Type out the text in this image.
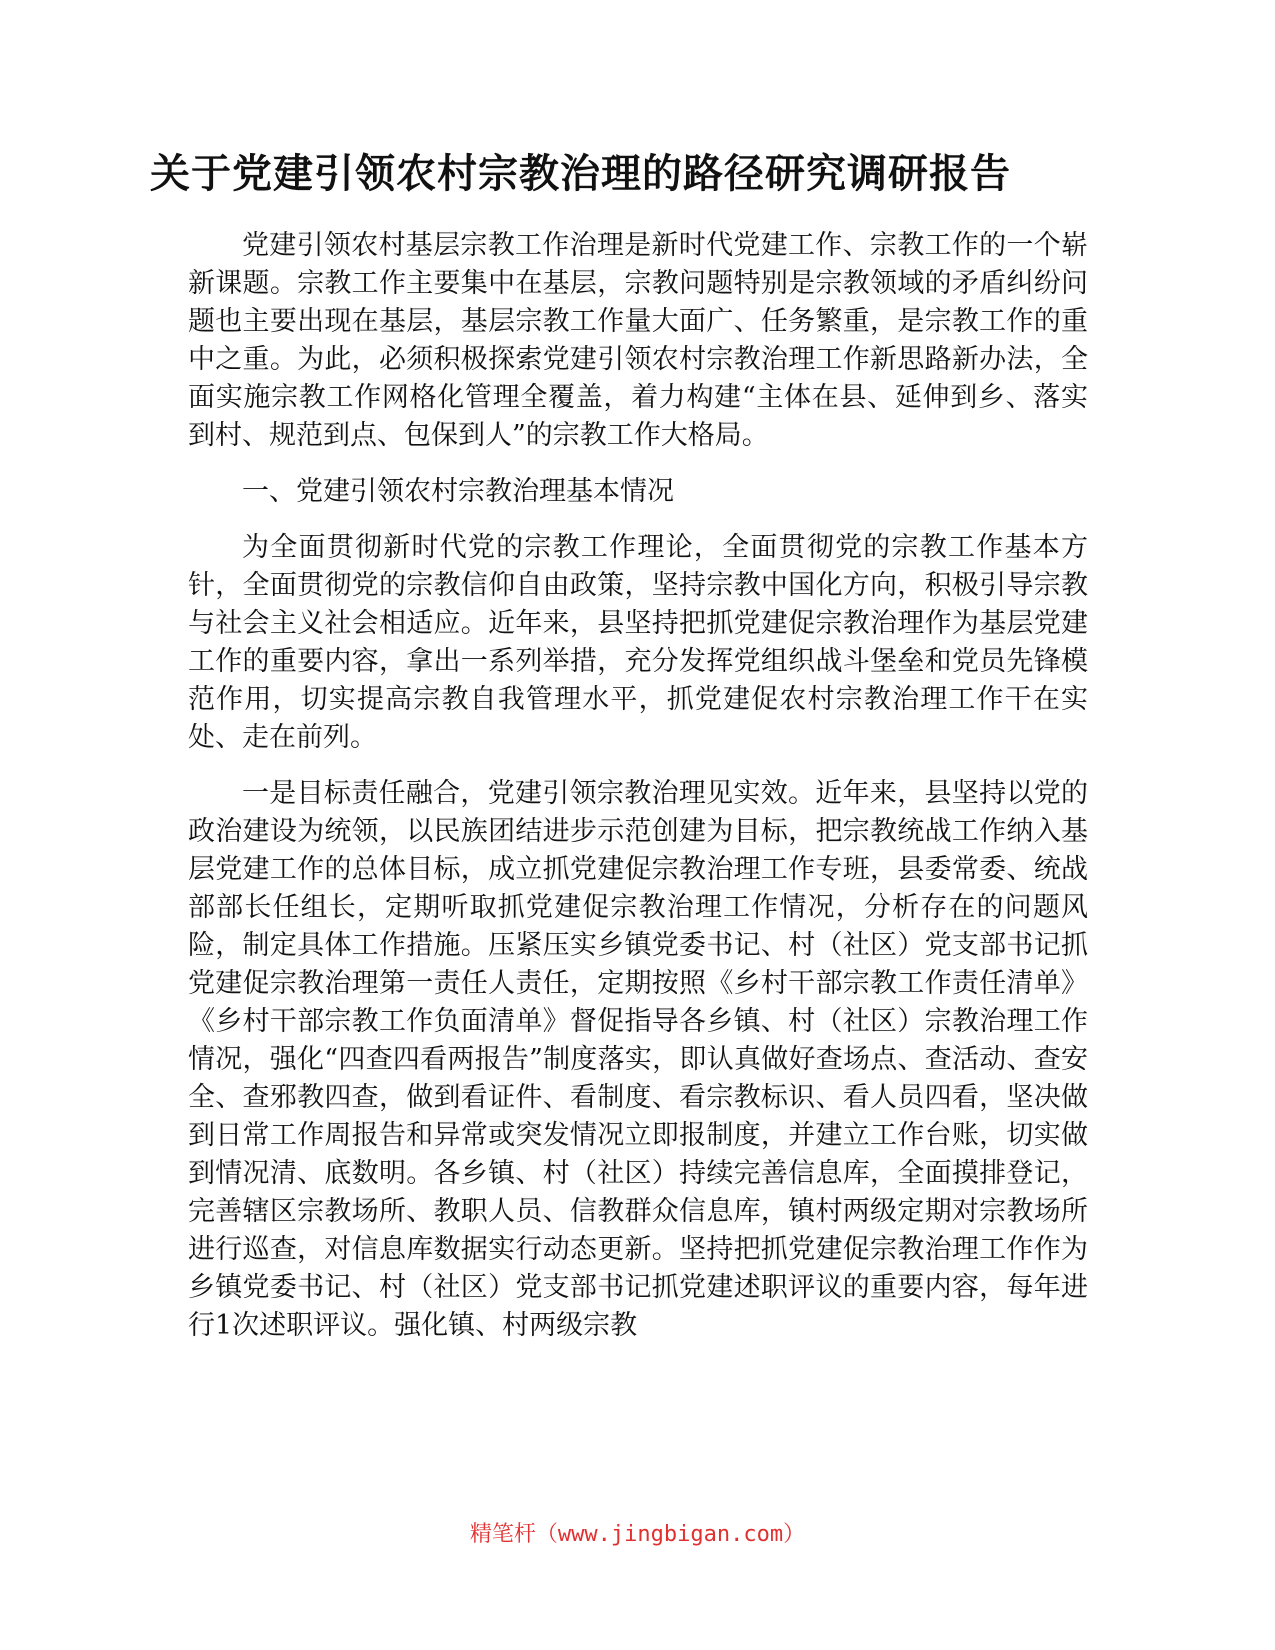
关于党建引领农村宗教治理的路径研究调研报告

党建引领农村基层宗教工作治理是新时代党建工作、宗教工作的一个崭新课题。宗教工作主要集中在基层，宗教问题特别是宗教领域的矛盾纠纷问题也主要出现在基层，基层宗教工作量大面广、任务繁重，是宗教工作的重中之重。为此，必须积极探索党建引领农村宗教治理工作新思路新办法，全面实施宗教工作网格化管理全覆盖，着力构建“主体在县、延伸到乡、落实到村、规范到点、包保到人”的宗教工作大格局。

一、党建引领农村宗教治理基本情况

为全面贯彻新时代党的宗教工作理论，全面贯彻党的宗教工作基本方针，全面贯彻党的宗教信仰自由政策，坚持宗教中国化方向，积极引导宗教与社会主义社会相适应。近年来，县坚持把抓党建促宗教治理作为基层党建工作的重要内容，拿出一系列举措，充分发挥党组织战斗堡垒和党员先锋模范作用，切实提高宗教自我管理水平，抓党建促农村宗教治理工作干在实处、走在前列。

一是目标责任融合，党建引领宗教治理见实效。近年来，县坚持以党的政治建设为统领，以民族团结进步示范创建为目标，把宗教统战工作纳入基层党建工作的总体目标，成立抓党建促宗教治理工作专班，县委常委、统战部部长任组长，定期听取抓党建促宗教治理工作情况，分析存在的问题风险，制定具体工作措施。压紧压实乡镇党委书记、村（社区）党支部书记抓党建促宗教治理第一责任人责任，定期按照《乡村干部宗教工作责任清单》《乡村干部宗教工作负面清单》督促指导各乡镇、村（社区）宗教治理工作情况，强化“四查四看两报告”制度落实，即认真做好查场点、查活动、查安全、查邪教四查，做到看证件、看制度、看宗教标识、看人员四看，坚决做到日常工作周报告和异常或突发情况立即报制度，并建立工作台账，切实做到情况清、底数明。各乡镇、村（社区）持续完善信息库，全面摸排登记，完善辖区宗教场所、教职人员、信教群众信息库，镇村两级定期对宗教场所进行巡查，对信息库数据实行动态更新。坚持把抓党建促宗教治理工作作为乡镇党委书记、村（社区）党支部书记抓党建述职评议的重要内容，每年进行1次述职评议。强化镇、村两级宗教

精笔杆（www.jingbigan.com）
